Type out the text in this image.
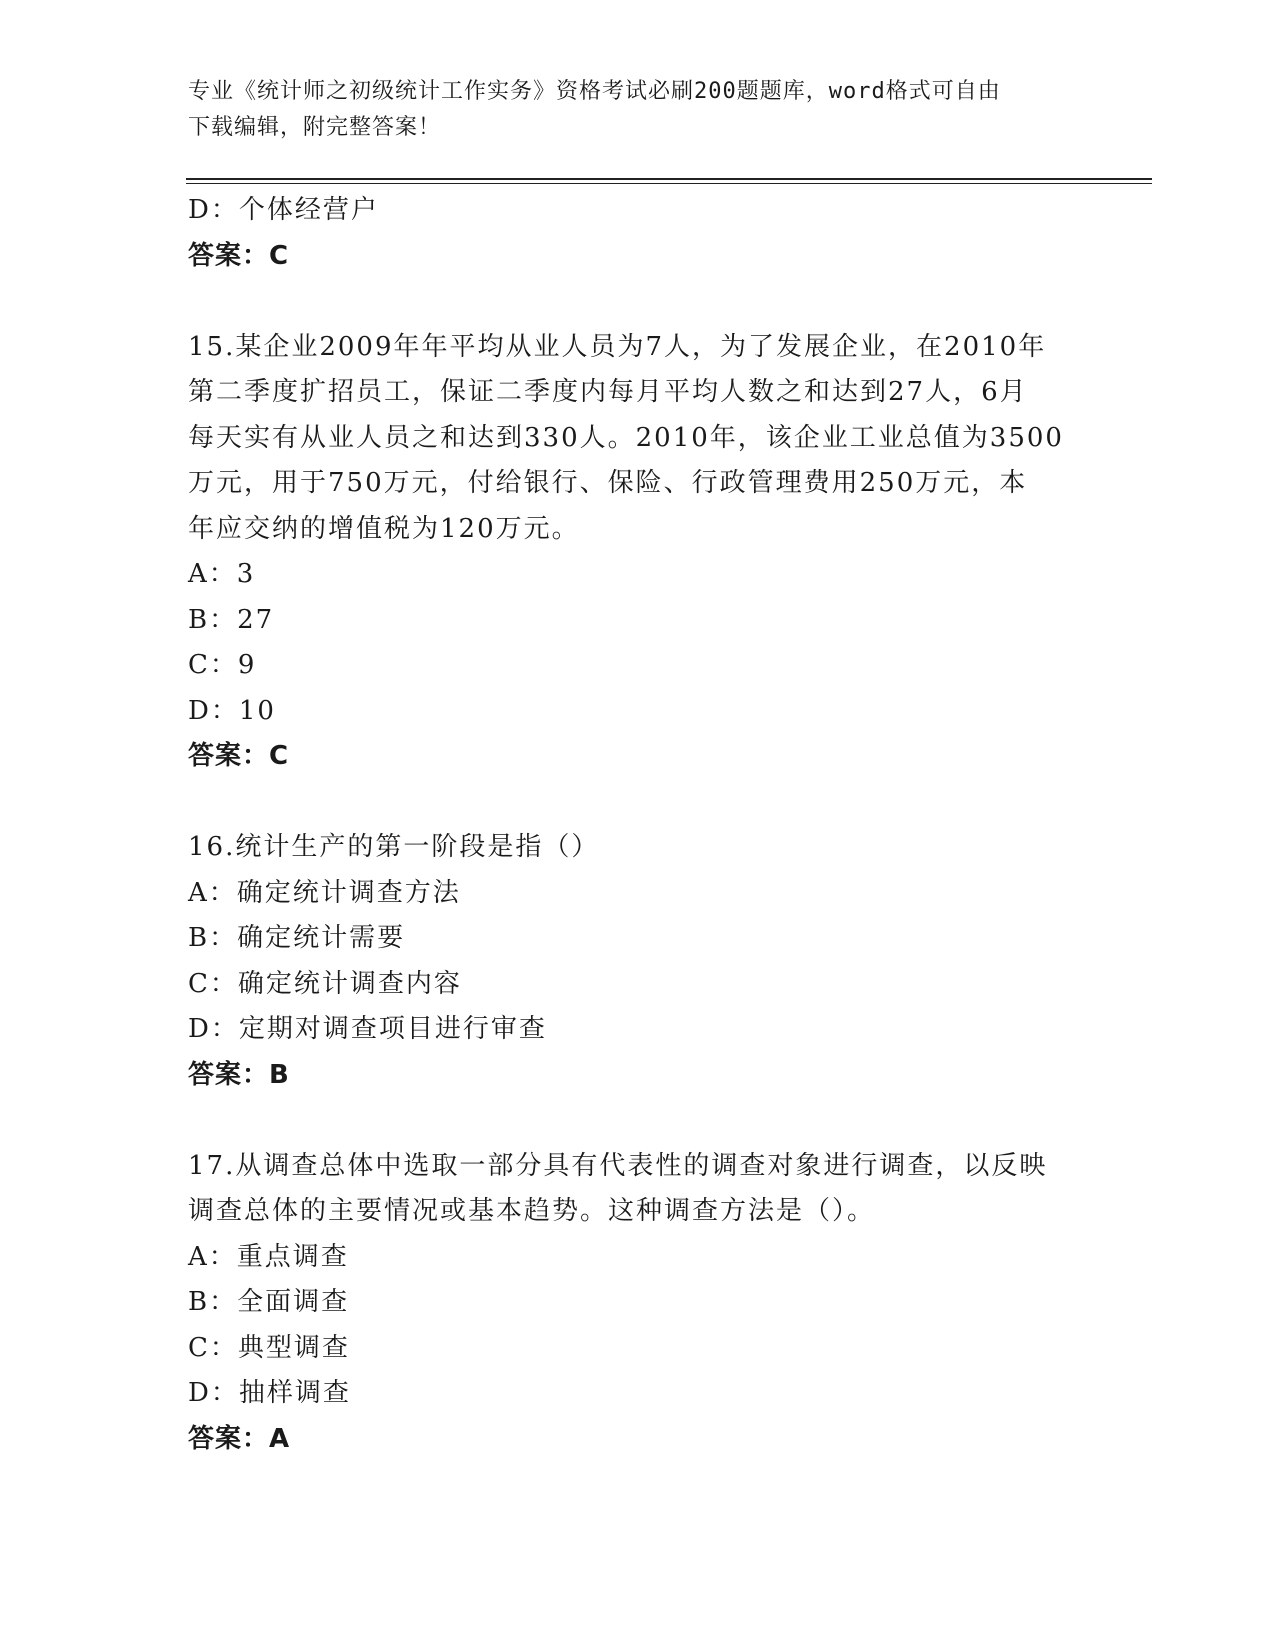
专业《统计师之初级统计工作实务》资格考试必刷200题题库，word格式可自由
下载编辑，附完整答案！
D：个体经营户
答案：C
15.某企业2009年年平均从业人员为7人，为了发展企业，在2010年
第二季度扩招员工，保证二季度内每月平均人数之和达到27人，6月
每天实有从业人员之和达到330人。2010年，该企业工业总值为3500
万元，用于750万元，付给银行、保险、行政管理费用250万元，本
年应交纳的增值税为120万元。
A：3
B：27
C：9
D：10
答案：C
16.统计生产的第一阶段是指（）
A：确定统计调查方法
B：确定统计需要
C：确定统计调查内容
D：定期对调查项目进行审查
答案：B
17.从调查总体中选取一部分具有代表性的调查对象进行调查，以反映
调查总体的主要情况或基本趋势。这种调查方法是（）。
A：重点调查
B：全面调查
C：典型调查
D：抽样调查
答案：A
